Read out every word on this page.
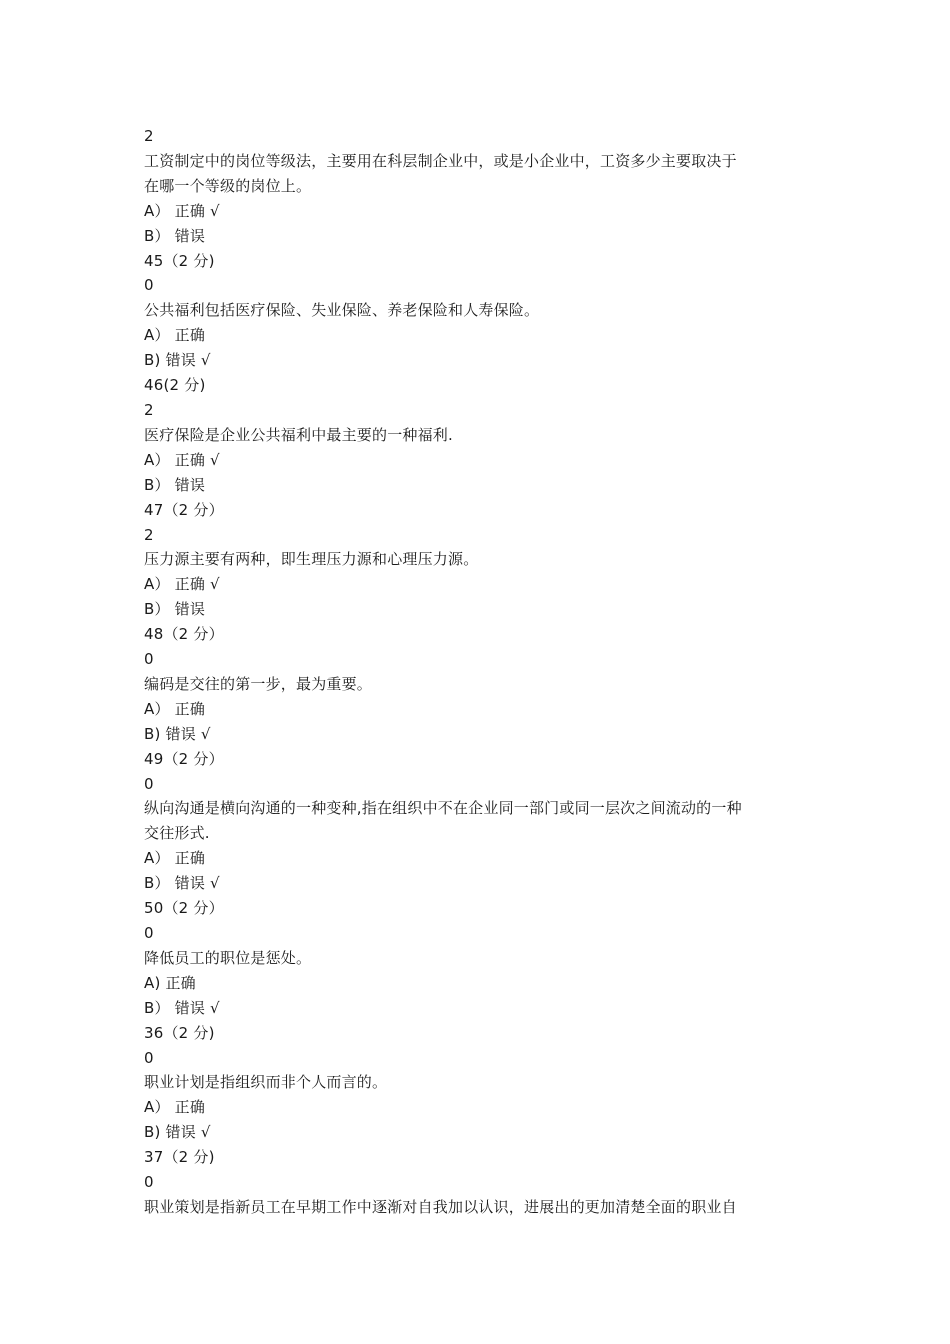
2
工资制定中的岗位等级法，主要用在科层制企业中，或是小企业中，工资多少主要取决于
在哪一个等级的岗位上。
A） 正确 √
B） 错误
45（2 分)
0
公共福利包括医疗保险、失业保险、养老保险和人寿保险。
A） 正确
B) 错误 √
46(2 分)
2
医疗保险是企业公共福利中最主要的一种福利.
A） 正确 √
B） 错误
47（2 分）
2
压力源主要有两种，即生理压力源和心理压力源。
A） 正确 √
B） 错误
48（2 分）
0
编码是交往的第一步，最为重要。
A） 正确
B) 错误 √
49（2 分）
0
纵向沟通是横向沟通的一种变种,指在组织中不在企业同一部门或同一层次之间流动的一种
交往形式.
A） 正确
B） 错误 √
50（2 分）
0
降低员工的职位是惩处。
A) 正确
B） 错误 √
36（2 分)
0
职业计划是指组织而非个人而言的。
A） 正确
B) 错误 √
37（2 分)
0
职业策划是指新员工在早期工作中逐渐对自我加以认识，进展出的更加清楚全面的职业自
